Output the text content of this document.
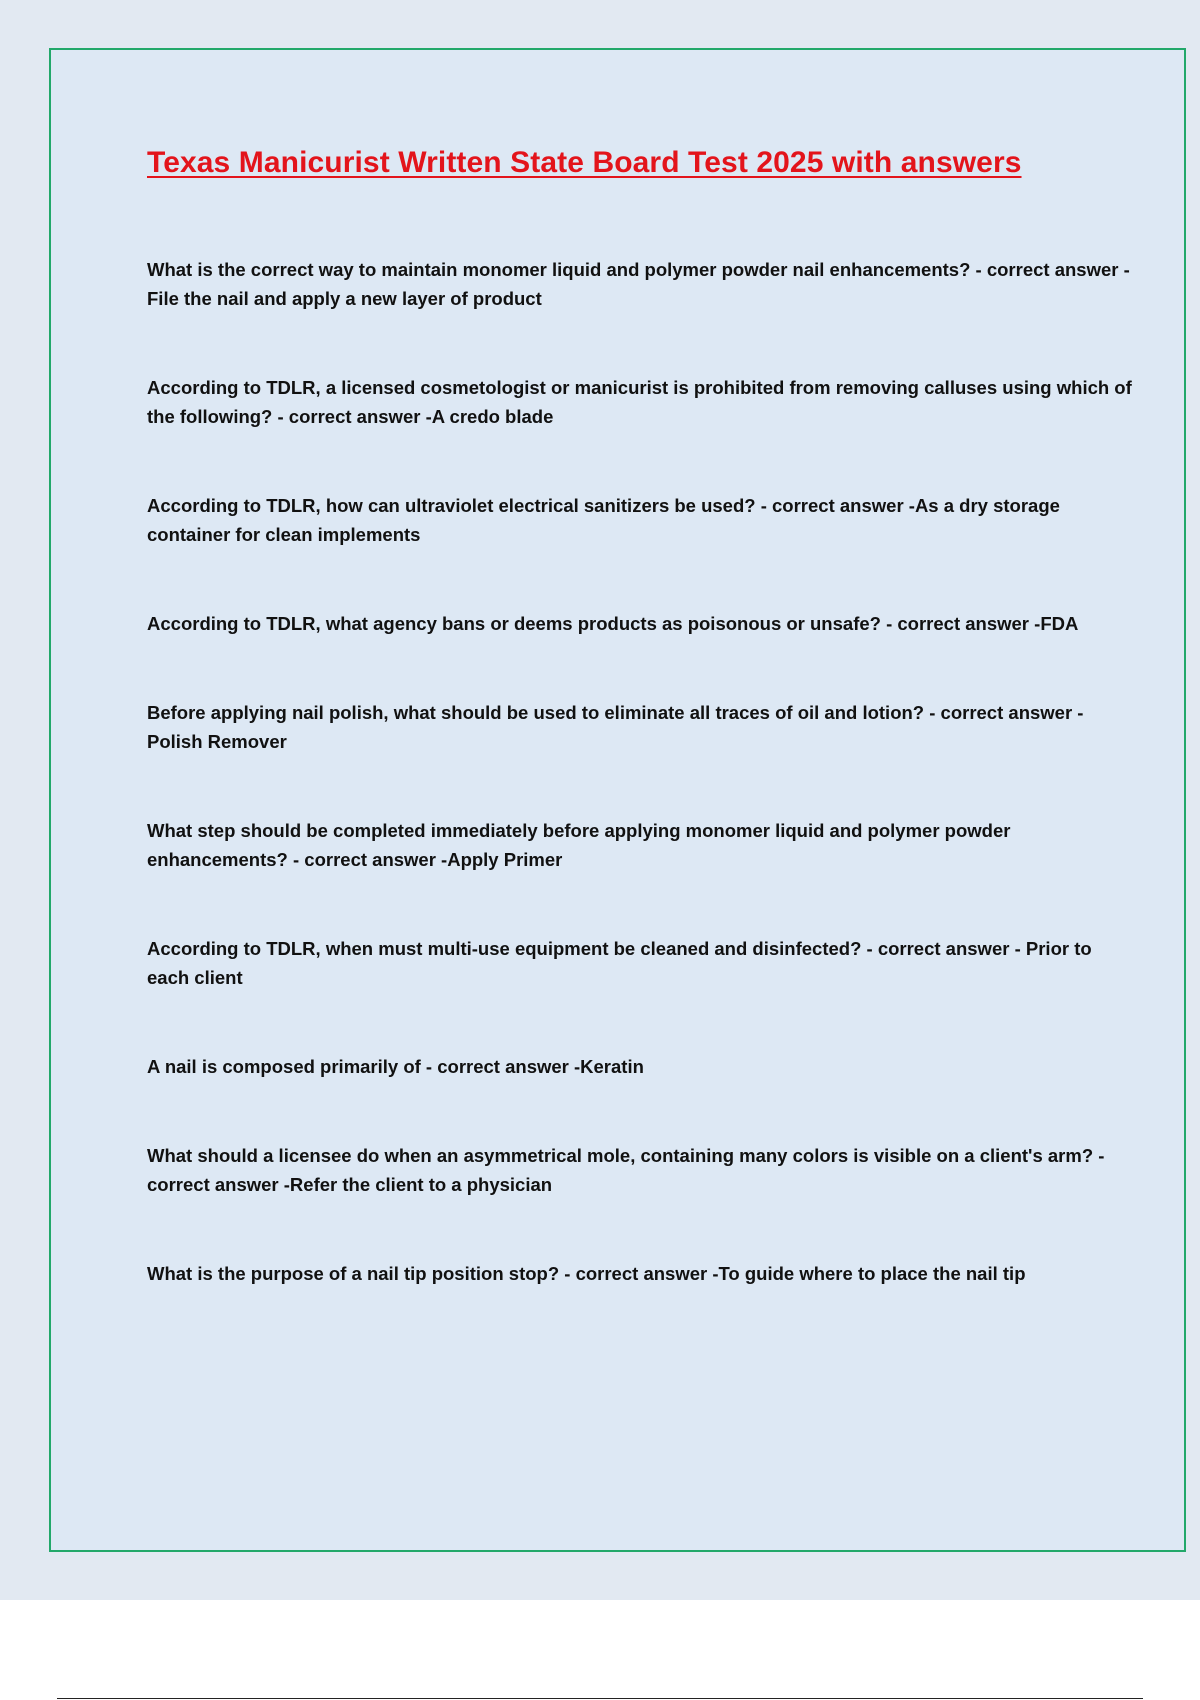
Texas Manicurist Written State Board Test 2025 with answers
What is the correct way to maintain monomer liquid and polymer powder nail enhancements? - correct answer -File the nail and apply a new layer of product
According to TDLR, a licensed cosmetologist or manicurist is prohibited from removing calluses using which of the following? - correct answer -A credo blade
According to TDLR, how can ultraviolet electrical sanitizers be used? - correct answer -As a dry storage container for clean implements
According to TDLR, what agency bans or deems products as poisonous or unsafe? - correct answer -FDA
Before applying nail polish, what should be used to eliminate all traces of oil and lotion? - correct answer -Polish Remover
What step should be completed immediately before applying monomer liquid and polymer powder enhancements? - correct answer -Apply Primer
According to TDLR, when must multi-use equipment be cleaned and disinfected? - correct answer - Prior to each client
A nail is composed primarily of - correct answer -Keratin
What should a licensee do when an asymmetrical mole, containing many colors is visible on a client's arm? - correct answer -Refer the client to a physician
What is the purpose of a nail tip position stop? - correct answer -To guide where to place the nail tip
